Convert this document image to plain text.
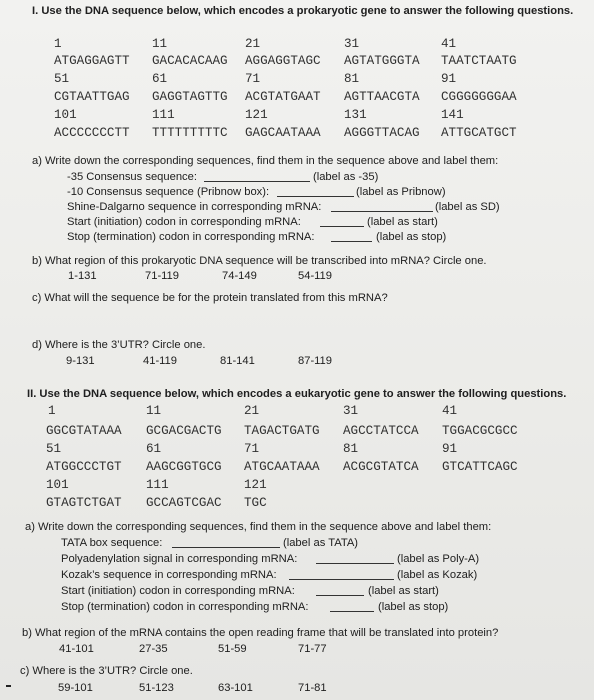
I. Use the DNA sequence below, which encodes a prokaryotic gene to answer the following questions.
1	11	21	31	41
ATGAGGAGTT GACACACAAG AGGAGGTAGC AGTATGGGTA TAATCTAATG
51	61	71	81	91
CGTAATTGAG GAGGTAGTTG ACGTATGAAT AGTTAACGTA CGGGGGGGAA
101	111	121	131	141
ACCCCCCCTT TTTTTTTTTC GAGCAATAAA AGGGTTACAG ATTGCATGCT
a) Write down the corresponding sequences, find them in the sequence above and label them:
-35 Consensus sequence:	(label as -35)
-10 Consensus sequence (Pribnow box):	(label as Pribnow)
Shine-Dalgarno sequence in corresponding mRNA:	(label as SD)
Start (initiation) codon in corresponding mRNA:	(label as start)
Stop (termination) codon in corresponding mRNA:	(label as stop)
b) What region of this prokaryotic DNA sequence will be transcribed into mRNA? Circle one.
1-131	71-119	74-149	54-119
c) What will the sequence be for the protein translated from this mRNA?
d) Where is the 3’UTR? Circle one.
9-131	41-119	81-141	87-119
II. Use the DNA sequence below, which encodes a eukaryotic gene to answer the following questions.
1	11	21	31	41
GGCGTATAAA GCGACGACTG TAGACTGATG AGCCTATCCA TGGACGCGCC
51	61	71	81	91
ATGGCCCTGT AAGCGGTGCG ATGCAATAAA ACGCGTATCA GTCATTCAGC
101	111	121
GTAGTCTGAT GCCAGTCGAC TGC
a) Write down the corresponding sequences, find them in the sequence above and label them:
TATA box sequence:	(label as TATA)
Polyadenylation signal in corresponding mRNA:	(label as Poly-A)
Kozak’s sequence in corresponding mRNA:	(label as Kozak)
Start (initiation) codon in corresponding mRNA:	(label as start)
Stop (termination) codon in corresponding mRNA:	(label as stop)
b) What region of the mRNA contains the open reading frame that will be translated into protein?
41-101	27-35	51-59	71-77
c) Where is the 3’UTR? Circle one.
59-101	51-123	63-101	71-81
